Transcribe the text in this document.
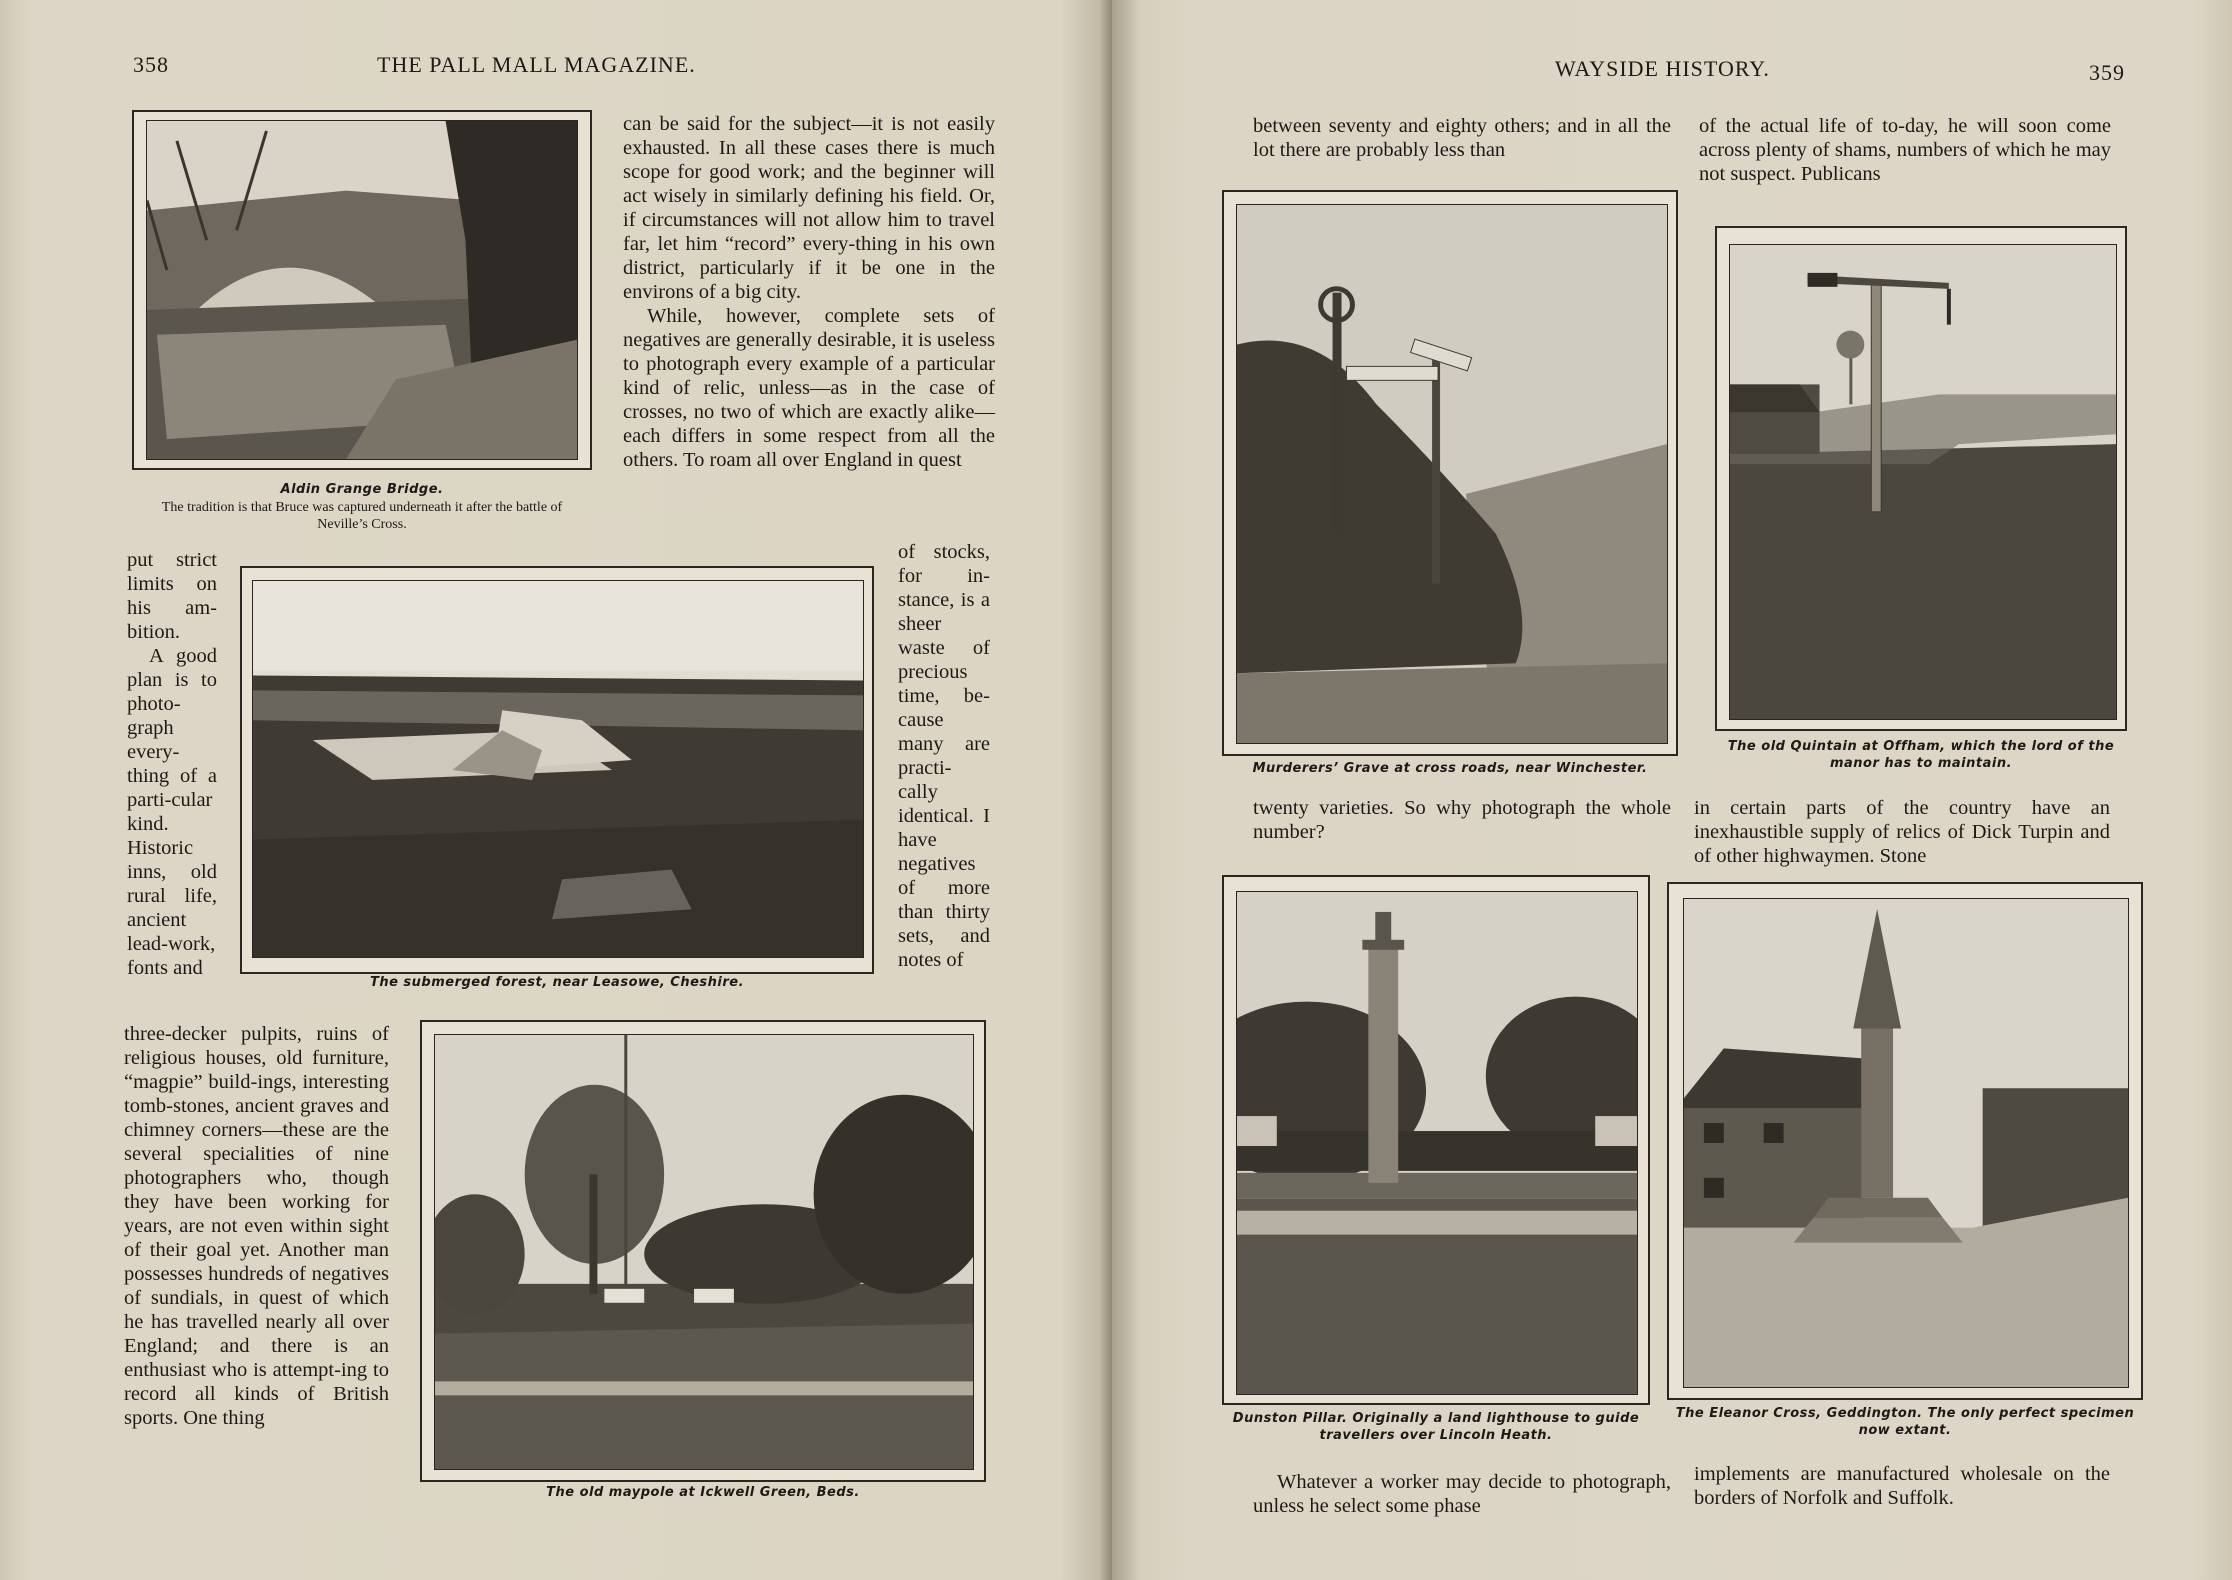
358	THE PALL MALL MAGAZINE.
Aldin Grange Bridge.
The tradition is that Bruce was captured underneath it after the battle of Neville’s Cross.

can be said for the subject—it is not easily exhausted. In all these cases there is much scope for good work; and the beginner will act wisely in similarly defining his field. Or, if circumstances will not allow him to travel far, let him “record” every-thing in his own district, particularly if it be one in the environs of a big city.

While, however, complete sets of negatives are generally desirable, it is useless to photograph every example of a particular kind of relic, unless—as in the case of crosses, no two of which are exactly alike—each differs in some respect from all the others. To roam all over England in quest

put strict limits on his am-bition.

A good plan is to photo-graph every-thing of a parti-cular kind. Historic inns, old rural life, ancient lead-work, fonts and

The submerged forest, near Leasowe, Cheshire.

of stocks, for in-stance, is a sheer waste of precious time, be-cause many are practi-cally identical. I have negatives of more than thirty sets, and notes of

three-decker pulpits, ruins of religious houses, old furniture, “magpie” build-ings, interesting tomb-stones, ancient graves and chimney corners—these are the several specialities of nine photographers who, though they have been working for years, are not even within sight of their goal yet. Another man possesses hundreds of negatives of sundials, in quest of which he has travelled nearly all over England; and there is an enthusiast who is attempt-ing to record all kinds of British sports. One thing

The old maypole at Ickwell Green, Beds.
WAYSIDE HISTORY.	359

between seventy and eighty others; and in all the lot there are probably less than

of the actual life of to-day, he will soon come across plenty of shams, numbers of which he may not suspect. Publicans

Murderers’ Grave at cross roads, near Winchester.
The old Quintain at Offham, which the lord of the manor has to maintain.

twenty varieties. So why photograph the whole number?

in certain parts of the country have an inexhaustible supply of relics of Dick Turpin and of other highwaymen. Stone

Dunston Pillar. Originally a land lighthouse to guide travellers over Lincoln Heath.
The Eleanor Cross, Geddington. The only perfect specimen now extant.

Whatever a worker may decide to photograph, unless he select some phase

implements are manufactured wholesale on the borders of Norfolk and Suffolk.
